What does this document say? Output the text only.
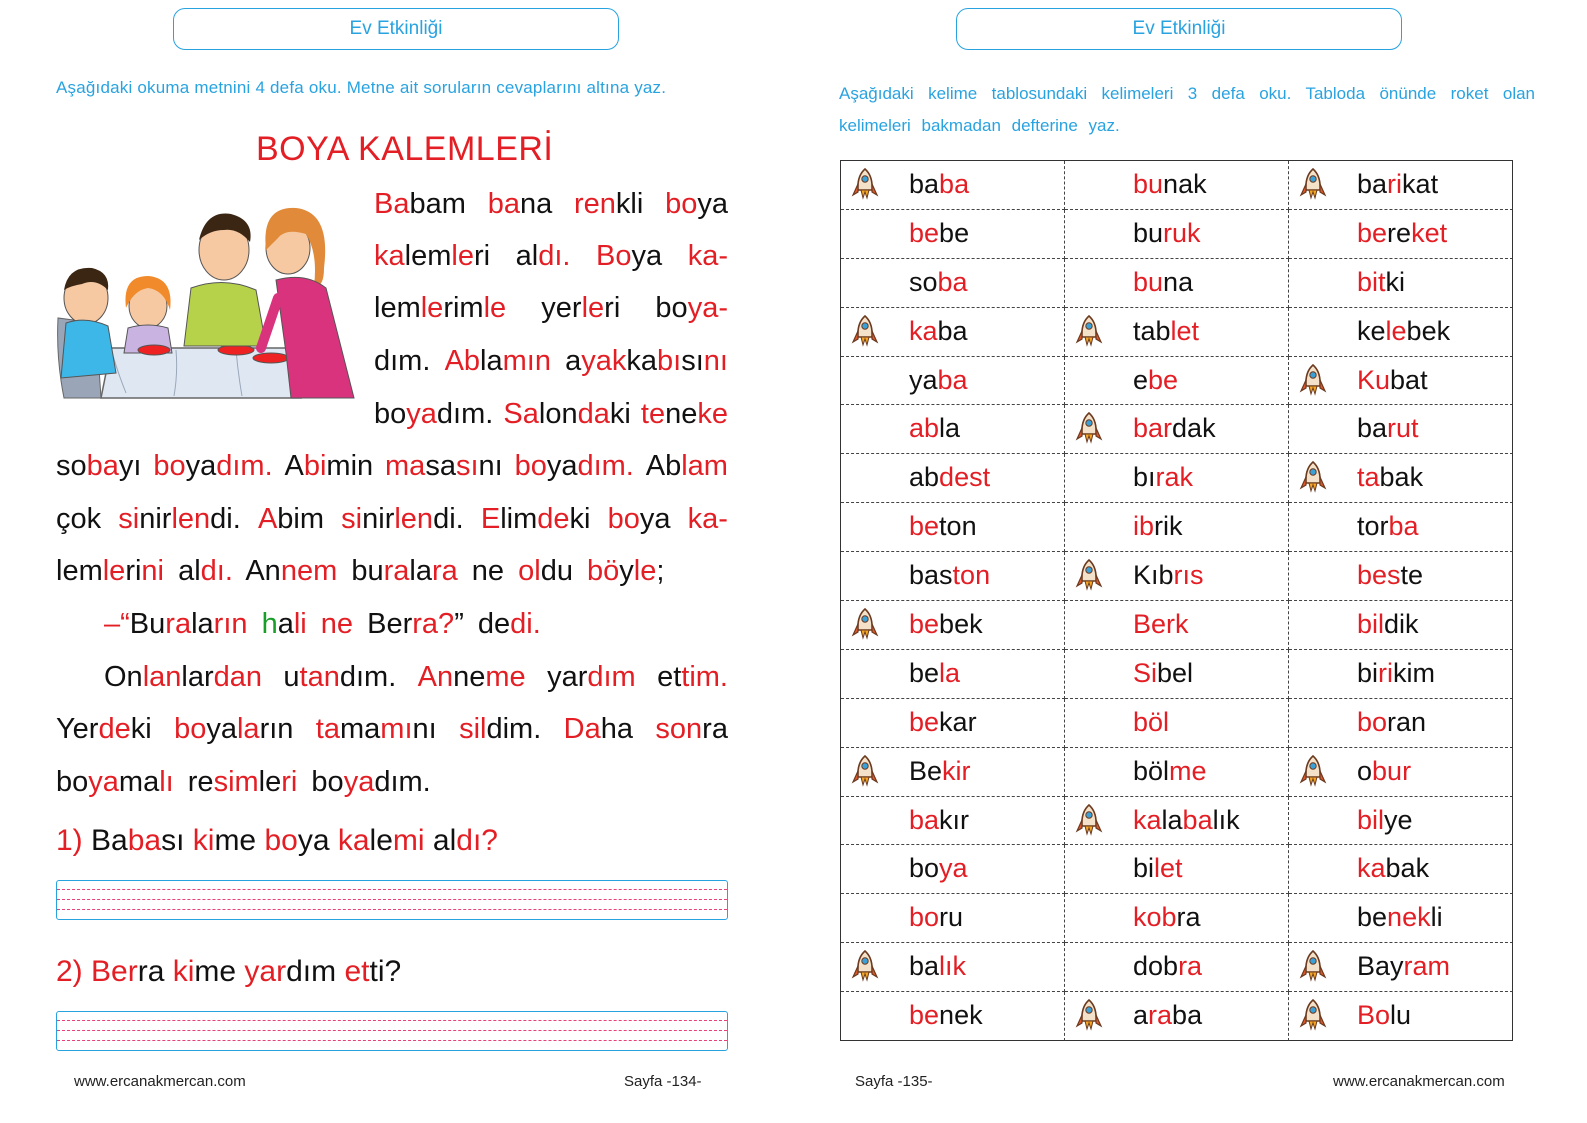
Ev Etkinliği
Aşağıdaki okuma metnini 4 defa oku. Metne ait soruların cevaplarını altına yaz.
BOYA KALEMLERİ
Babam bana renkli boya
kalemleri aldı. Boya ka-
lemlerimle yerleri boya-
dım. Ablamın ayakkabısını
boyadım. Salondaki teneke
sobayı boyadım. Abimin masasını boyadım. Ablam
çok sinirlendi. Abim sinirlendi. Elimdeki boya ka-
lemlerini aldı. Annem buralara ne oldu böyle;
–“Buraların hali ne Berra?” dedi.
Onlanlardan utandım. Anneme yardım ettim.
Yerdeki boyaların tamamını sildim. Daha sonra
boyamalı resimleri boyadım.
1) Babası kime boya kalemi aldı?
2) Berra kime yardım etti?
www.ercanakmercan.com	Sayfa -134-
Ev Etkinliği
Aşağıdaki kelime tablosundaki kelimeleri 3 defa oku. Tabloda önünde roket olan kelimeleri bakmadan defterine yaz.
baba	bunak	barikat
bebe	buruk	bereket
soba	buna	bitki
kaba	tablet	kelebek
yaba	ebe	Kubat
abla	bardak	barut
abdest	bırak	tabak
beton	ibrik	torba
baston	Kıbrıs	beste
bebek	Berk	bildik
bela	Sibel	birikim
bekar	böl	boran
Bekir	bölme	obur
bakır	kalabalık	bilye
boya	bilet	kabak
boru	kobra	benekli
balık	dobra	Bayram
benek	araba	Bolu
Sayfa -135-	www.ercanakmercan.com
